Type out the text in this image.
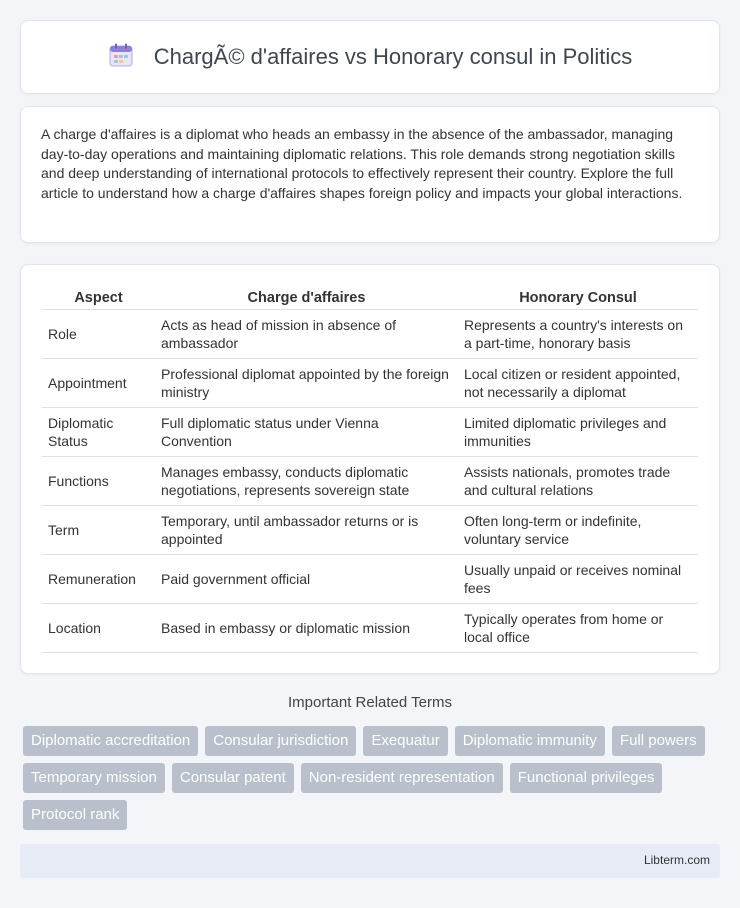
ChargÃ© d'affaires vs Honorary consul in Politics

A charge d'affaires is a diplomat who heads an embassy in the absence of the ambassador, managing day-to-day operations and maintaining diplomatic relations. This role demands strong negotiation skills and deep understanding of international protocols to effectively represent their country. Explore the full article to understand how a charge d'affaires shapes foreign policy and impacts your global interactions.

Aspect	Charge d'affaires	Honorary Consul
Role	Acts as head of mission in absence of ambassador	Represents a country's interests on a part-time, honorary basis
Appointment	Professional diplomat appointed by the foreign ministry	Local citizen or resident appointed, not necessarily a diplomat
Diplomatic Status	Full diplomatic status under Vienna Convention	Limited diplomatic privileges and immunities
Functions	Manages embassy, conducts diplomatic negotiations, represents sovereign state	Assists nationals, promotes trade and cultural relations
Term	Temporary, until ambassador returns or is appointed	Often long-term or indefinite, voluntary service
Remuneration	Paid government official	Usually unpaid or receives nominal fees
Location	Based in embassy or diplomatic mission	Typically operates from home or local office
Important Related Terms
Diplomatic accreditation	Consular jurisdiction	Exequatur	Diplomatic immunity	Full powers
Temporary mission	Consular patent	Non-resident representation	Functional privileges
Protocol rank
Libterm.com
